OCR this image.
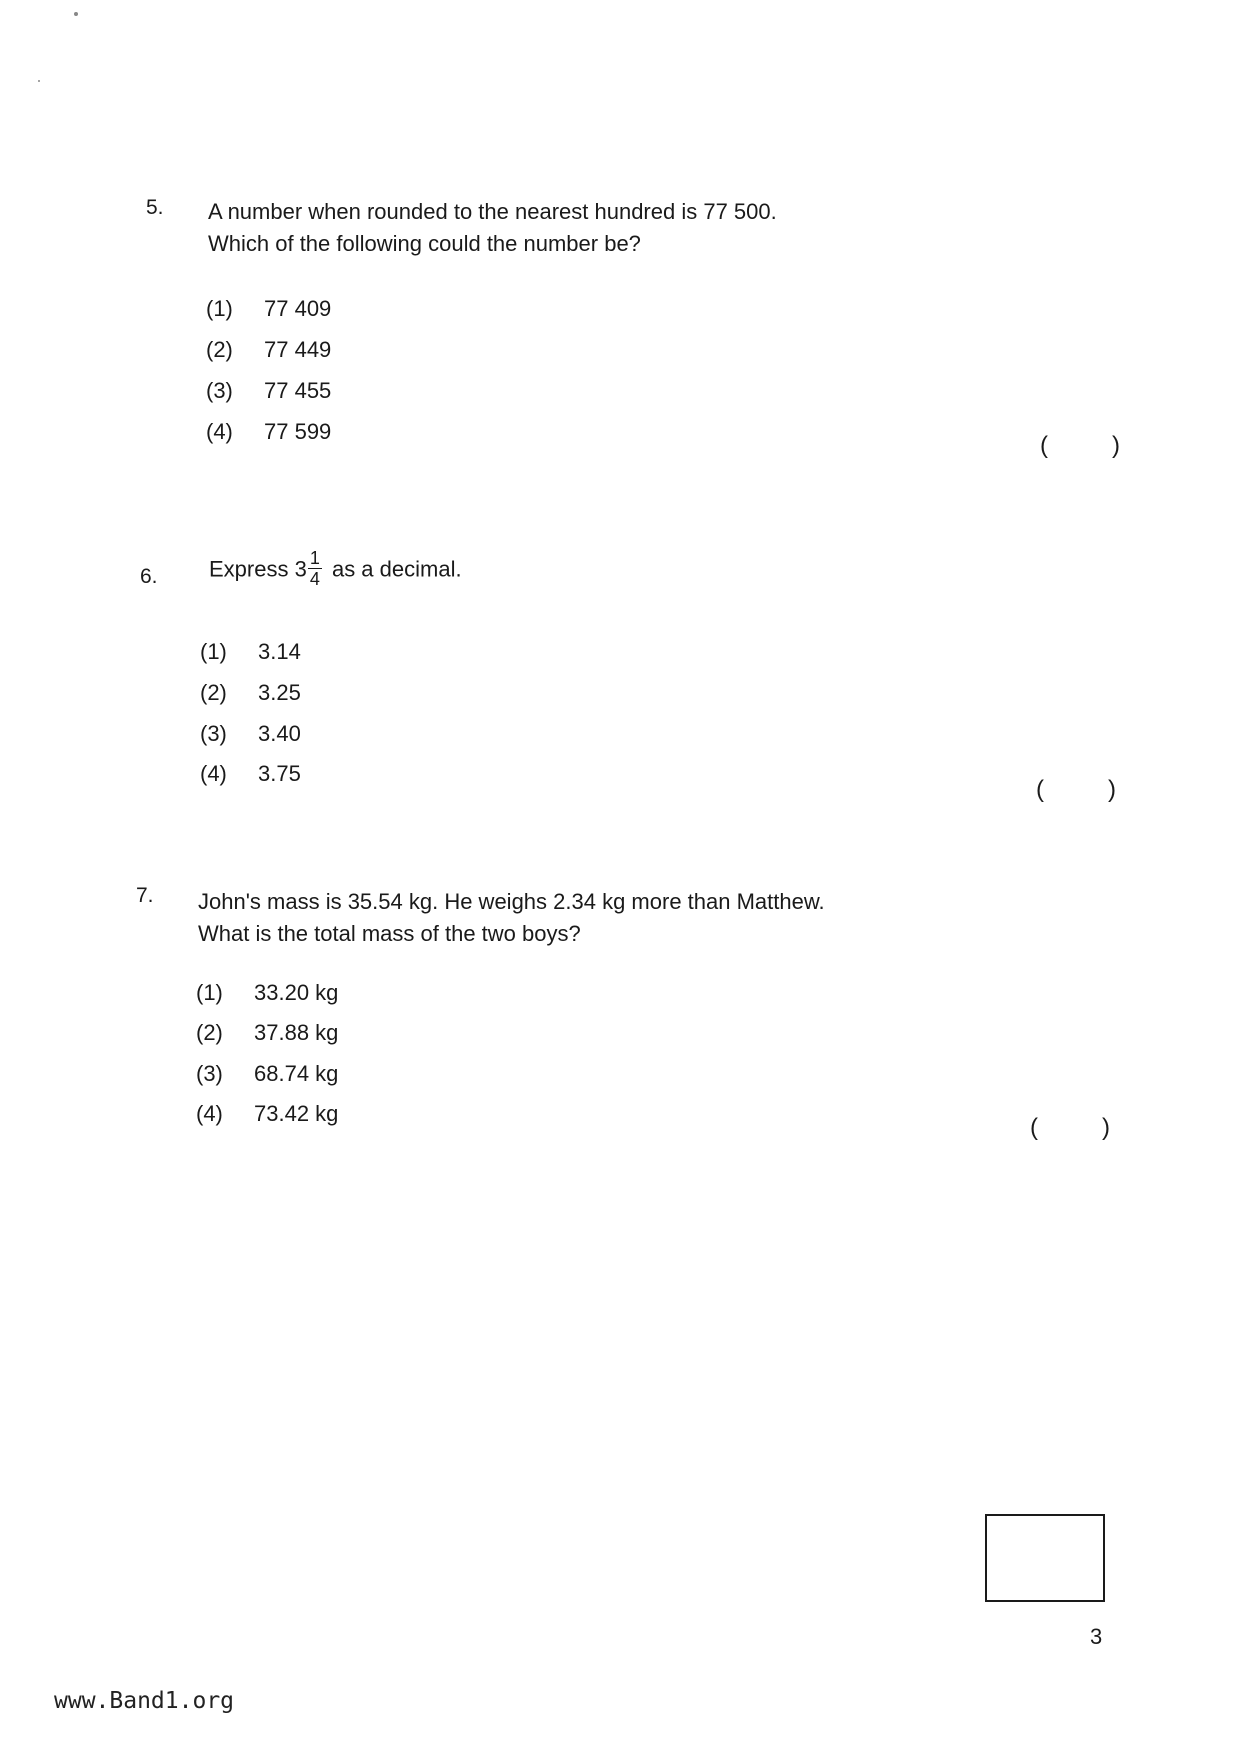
5. A number when rounded to the nearest hundred is 77 500.
Which of the following could the number be?
(1) 77 409
(2) 77 449
(3) 77 455
(4) 77 599
(	)
6. Express $3 \frac{1}{4}$ as a decimal.
(1) 3.14
(2) 3.25
(3) 3.40
(4) 3.75
(	)
7. John's mass is 35.54 kg. He weighs 2.34 kg more than Matthew.
What is the total mass of the two boys?
(1) 33.20 kg
(2) 37.88 kg
(3) 68.74 kg
(4) 73.42 kg
(	)
3
www.Band1.org
